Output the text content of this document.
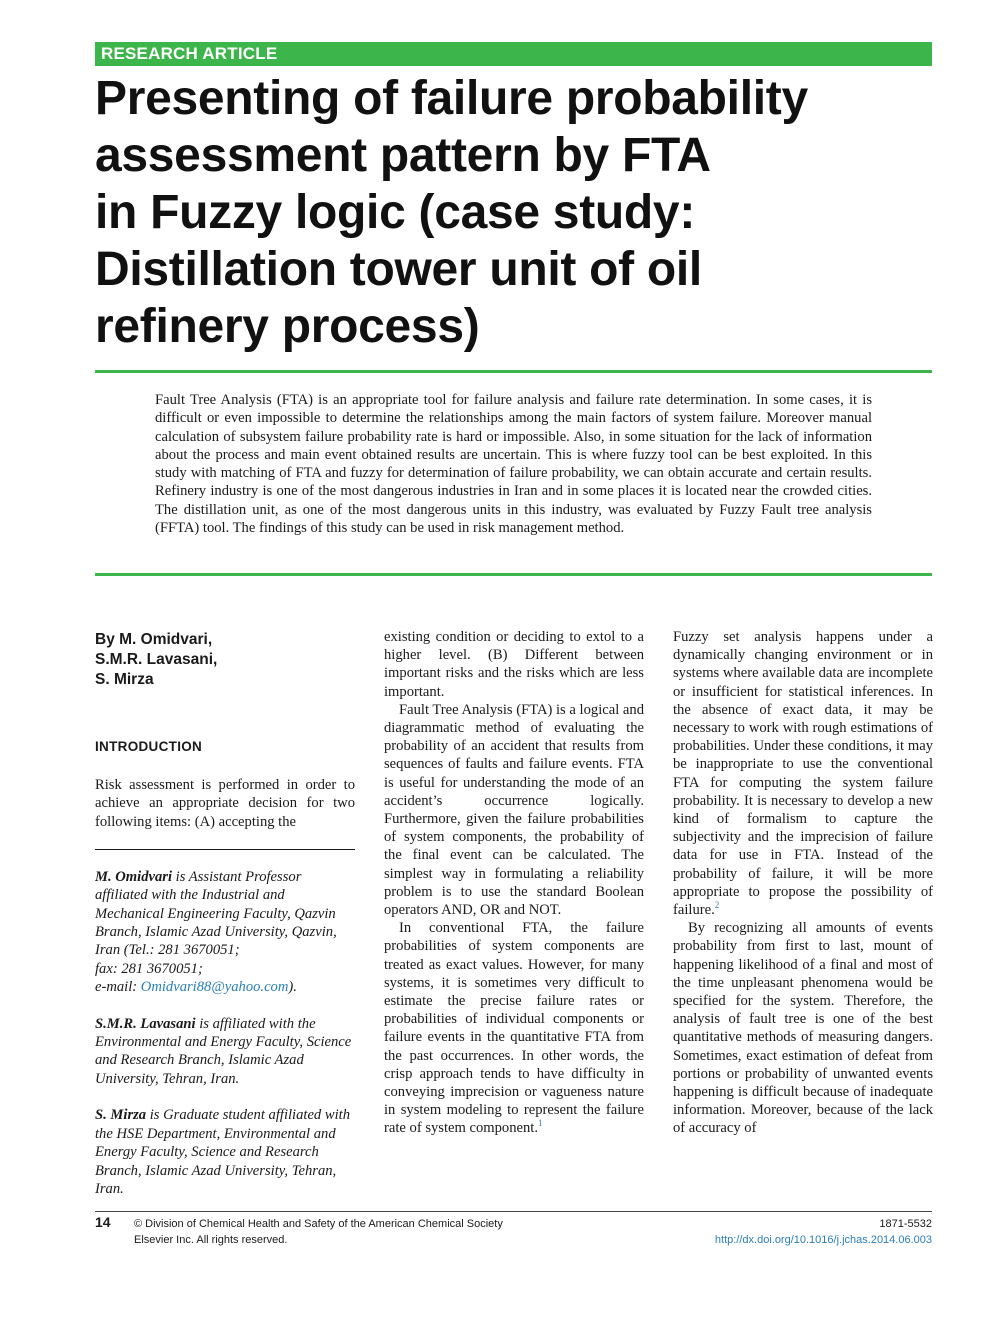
RESEARCH ARTICLE
Presenting of failure probability
assessment pattern by FTA
in Fuzzy logic (case study:
Distillation tower unit of oil
refinery process)

Fault Tree Analysis (FTA) is an appropriate tool for failure analysis and failure rate determination. In some cases, it is difficult or even impossible to determine the relationships among the main factors of system failure. Moreover manual calculation of subsystem failure probability rate is hard or impossible. Also, in some situation for the lack of information about the process and main event obtained results are uncertain. This is where fuzzy tool can be best exploited. In this study with matching of FTA and fuzzy for determination of failure probability, we can obtain accurate and certain results. Refinery industry is one of the most dangerous industries in Iran and in some places it is located near the crowded cities. The distillation unit, as one of the most dangerous units in this industry, was evaluated by Fuzzy Fault tree analysis (FFTA) tool. The findings of this study can be used in risk management method.

By M. Omidvari,
S.M.R. Lavasani,
S. Mirza

INTRODUCTION

Risk assessment is performed in order to achieve an appropriate decision for two following items: (A) accepting the

M. Omidvari is Assistant Professor affiliated with the Industrial and Mechanical Engineering Faculty, Qazvin Branch, Islamic Azad University, Qazvin, Iran (Tel.: 281 3670051;
fax: 281 3670051;
e-mail: Omidvari88@yahoo.com).

S.M.R. Lavasani is affiliated with the Environmental and Energy Faculty, Science and Research Branch, Islamic Azad University, Tehran, Iran.

S. Mirza is Graduate student affiliated with the HSE Department, Environmental and Energy Faculty, Science and Research Branch, Islamic Azad University, Tehran, Iran.

existing condition or deciding to extol to a higher level. (B) Different between important risks and the risks which are less important.

Fault Tree Analysis (FTA) is a logical and diagrammatic method of evaluating the probability of an accident that results from sequences of faults and failure events. FTA is useful for understanding the mode of an accident’s occurrence logically. Furthermore, given the failure probabilities of system components, the probability of the final event can be calculated. The simplest way in formulating a reliability problem is to use the standard Boolean operators AND, OR and NOT.

In conventional FTA, the failure probabilities of system components are treated as exact values. However, for many systems, it is sometimes very difficult to estimate the precise failure rates or probabilities of individual components or failure events in the quantitative FTA from the past occurrences. In other words, the crisp approach tends to have difficulty in conveying imprecision or vagueness nature in system modeling to represent the failure rate of system component.$^1$

Fuzzy set analysis happens under a dynamically changing environment or in systems where available data are incomplete or insufficient for statistical inferences. In the absence of exact data, it may be necessary to work with rough estimations of probabilities. Under these conditions, it may be inappropriate to use the conventional FTA for computing the system failure probability. It is necessary to develop a new kind of formalism to capture the subjectivity and the imprecision of failure data for use in FTA. Instead of the probability of failure, it will be more appropriate to propose the possibility of failure.$^2$

By recognizing all amounts of events probability from first to last, mount of happening likelihood of a final and most of the time unpleasant phenomena would be specified for the system. Therefore, the analysis of fault tree is one of the best quantitative methods of measuring dangers. Sometimes, exact estimation of defeat from portions or probability of unwanted events happening is difficult because of inadequate information. Moreover, because of the lack of accuracy of

14 © Division of Chemical Health and Safety of the American Chemical Society
Elsevier Inc. All rights reserved.
1871-5532
http://dx.doi.org/10.1016/j.jchas.2014.06.003
